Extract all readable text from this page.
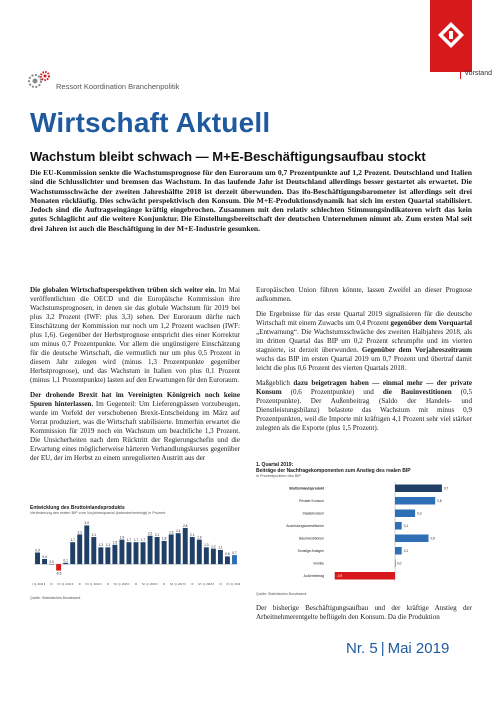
Vorstand
Ressort Koordination Branchenpolitik
Wirtschaft Aktuell
Wachstum bleibt schwach — M+E-Beschäftigungsaufbau stockt
Die EU-Kommission senkte die Wachstumsprognose für den Euroraum um 0,7 Prozentpunkte auf 1,2 Prozent. Deutschland und Italien sind die Schlusslichter und bremsen das Wachstum. In das laufende Jahr ist Deutschland allerdings besser gestartet als erwartet. Die Wachstumsschwäche der zweiten Jahreshälfte 2018 ist derzeit überwunden. Das ifo-Beschäftigungsbarometer ist allerdings seit drei Monaten rückläufig. Dies schwächt perspektivisch den Konsum. Die M+E-Produktionsdynamik hat sich im ersten Quartal stabilisiert. Jedoch sind die Auftragseingänge kräftig eingebrochen. Zusammen mit den relativ schlechten Stimmungsindikatoren wirft das kein gutes Schlaglicht auf die weitere Konjunktur. Die Einstellungsbereitschaft der deutschen Unternehmen nimmt ab. Zum ersten Mal seit drei Jahren ist auch die Beschäftigung in der M+E-Industrie gesunken.

Die globalen Wirtschaftsperspektiven trüben sich weiter ein. Im Mai veröffentlichten die OECD und die Europäische Kommission ihre Wachstumsprognosen, in denen sie das globale Wachstum für 2019 bei plus 3,2 Prozent (IWF: plus 3,3) sehen. Der Euroraum dürfte nach Einschätzung der Kommission nur noch um 1,2 Prozent wachsen (IWF: plus 1,6). Gegenüber der Herbstprognose entspricht dies einer Korrektur um minus 0,7 Prozentpunkte. Vor allem die ungünstigere Einschätzung für die deutsche Wirtschaft, die vermutlich nur um plus 0,5 Prozent in diesem Jahr zulegen wird (minus 1,3 Prozentpunkte gegenüber Herbstprognose), und das Wachstum in Italien von plus 0,1 Prozent (minus 1,1 Prozentpunkte) lasten auf den Erwartungen für den Euroraum.

Der drohende Brexit hat im Vereinigten Königreich noch keine Spuren hinterlassen. Im Gegenteil: Um Lieferengpässen vorzubeugen, wurde im Vorfeld der verschobenen Brexit-Entscheidung im März auf Vorrat produziert, was die Wirtschaft stabilisierte. Immerhin erwartet die Kommission für 2019 noch ein Wachstum um beachtliche 1,3 Prozent. Die Unsicherheiten nach dem Rücktritt der Regierungschefin und die Erwartung eines möglicherweise härteren Verhandlungskurses gegenüber der EU, der im Herbst zu einem unregulierten Austritt aus der

Europäischen Union führen könnte, lassen Zweifel an dieser Prognose aufkommen.

Die Ergebnisse für das erste Quartal 2019 signalisieren für die deutsche Wirtschaft mit einem Zuwachs um 0,4 Prozent gegenüber dem Vorquartal „Entwarnung“. Die Wachstumsschwäche des zweiten Halbjahres 2018, als im dritten Quartal das BIP um 0,2 Prozent schrumpfte und im vierten stagnierte, ist derzeit überwunden. Gegenüber dem Vorjahreszeitraum wuchs das BIP im ersten Quartal 2019 um 0,7 Prozent und übertraf damit leicht die plus 0,6 Prozent des vierten Quartals 2018.

Maßgeblich dazu beigetragen haben — einmal mehr — der private Konsum (0,6 Prozentpunkte) und die Bauinvestitionen (0,5 Prozentpunkte). Der Außenbeitrag (Saldo der Handels- und Dienstleistungsbilanz) belastete das Wachstum mit minus 0,9 Prozentpunkten, weil die Importe mit kräftigen 4,1 Prozent sehr viel stärker zulegten als die Exporte (plus 1,5 Prozent).

Entwicklung des Bruttoinlandsprodukts
Veränderung des realen BIP zum Vorjahresquartal (kalenderbereinigt) in Prozent
0,9
I. Q. 2012
0,4
II
0,0
III
-0,5
IV
0,1
I. Q. 2013
1,7
II
2,3
III
3,0
IV
2,1
I. Q. 2014
1,3
II
1,3
III
1,5
IV
1,9
I. Q. 2015
1,7
II
1,7
III
1,7
IV
2,2
I. Q. 2016
2,1
II
1,8
III
2,3
IV
2,4
I. Q. 2017
2,8
II
2,1
III
1,9
IV
1,3
I. Q. 2018
1,2
II
1,1
III
0,6
IV
0,7
I. Q. 2019
Quelle: Statistisches Bundesamt
1. Quartal 2019:
Beiträge der Nachfragekomponenten zum Anstieg des realen BIP
in Prozentpunkten des BIP
Bruttoinlandsprodukt	0,7
Privater Konsum	0,6
Staatskonsum	0,3
Ausrüstungsinvestitionen	0,1
Bauinvestitionen	0,5
Sonstige Anlagen	0,1
Vorräte	0,0
Außenbeitrag	-0,9
Quelle: Statistisches Bundesamt
Der bisherige Beschäftigungsaufbau und der kräftige Anstieg der Arbeitnehmerentgelte beflügeln den Konsum. Da die Produktion
Nr. 5 | Mai 2019
